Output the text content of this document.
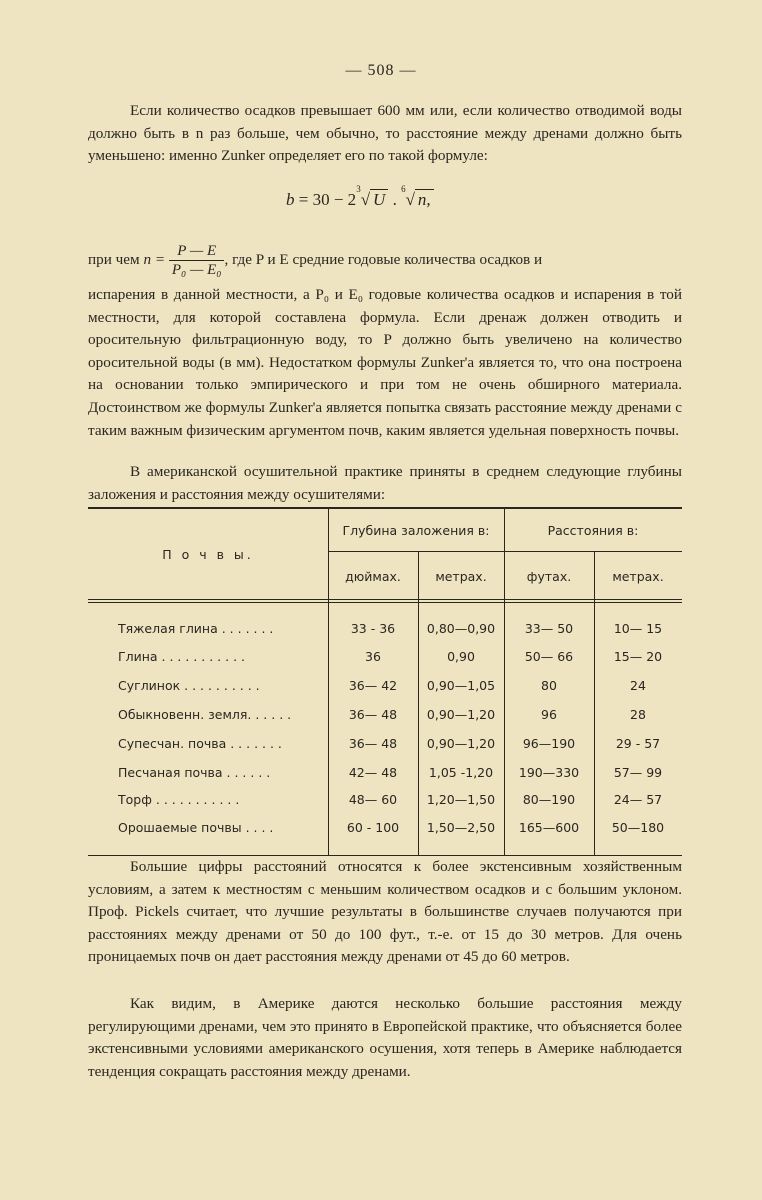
— 508 —
Если количество осадков превышает 600 мм или, если количество отводимой воды должно быть в n раз больше, чем обычно, то расстояние между дренами должно быть уменьшено: именно Zunker определяет его по такой формуле:
$b = 30 - 2^3√$ U . $^6$√ n,
при чем $n = \frac{P — E}{\text{P₀ — E₀}}$ , где P и E средние годовые количества осадков и
испарения в данной местности, а P₀ и E₀ годовые количества осадков и испарения в той местности, для которой составлена формула. Если дренаж должен отводить и оросительную фильтрационную воду, то P должно быть увеличено на количество оросительной воды (в мм). Недостатком формулы Zunker'а является то, что она построена на основании только эмпирического и при том не очень обширного материала. Достоинством же формулы Zunker'а является попытка связать расстояние между дренами с таким важным физическим аргументом почв, каким является удельная поверхность почвы.
В американской осушительной практике приняты в среднем следующие глубины заложения и расстояния между осушителями:
П о ч в ы.
Глубина заложения в:	Расстояния в:
дюймах.	метрах.	футах.	метрах.
Тяжелая глина . . . . . . .	33 - 36	0,80—0,90	33— 50	10— 15
Глина . . . . . . . . . . .	36	0,90	50— 66	15— 20
Суглинок . . . . . . . . . .	36— 42	0,90—1,05	80	24
Обыкновенн. земля. . . . . .	36— 48	0,90—1,20	96	28
Супесчан. почва . . . . . . .	36— 48	0,90—1,20	96—190	29 - 57
Песчаная почва . . . . . .	42— 48	1,05 -1,20	190—330	57— 99
Торф . . . . . . . . . . .	48— 60	1,20—1,50	80—190	24— 57
Орошаемые почвы . . . .	60 - 100	1,50—2,50	165—600	50—180
Большие цифры расстояний относятся к более экстенсивным хозяйственным условиям, а затем к местностям с меньшим количеством осадков и с большим уклоном. Проф. Pickels считает, что лучшие результаты в большинстве случаев получаются при расстояниях между дренами от 50 до 100 фут., т.-е. от 15 до 30 метров. Для очень проницаемых почв он дает расстояния между дренами от 45 до 60 метров.
Как видим, в Америке даются несколько большие расстояния между регулирующими дренами, чем это принято в Европейской практике, что объясняется более экстенсивными условиями американского осушения, хотя теперь в Америке наблюдается тенденция сокращать расстояния между дренами.
